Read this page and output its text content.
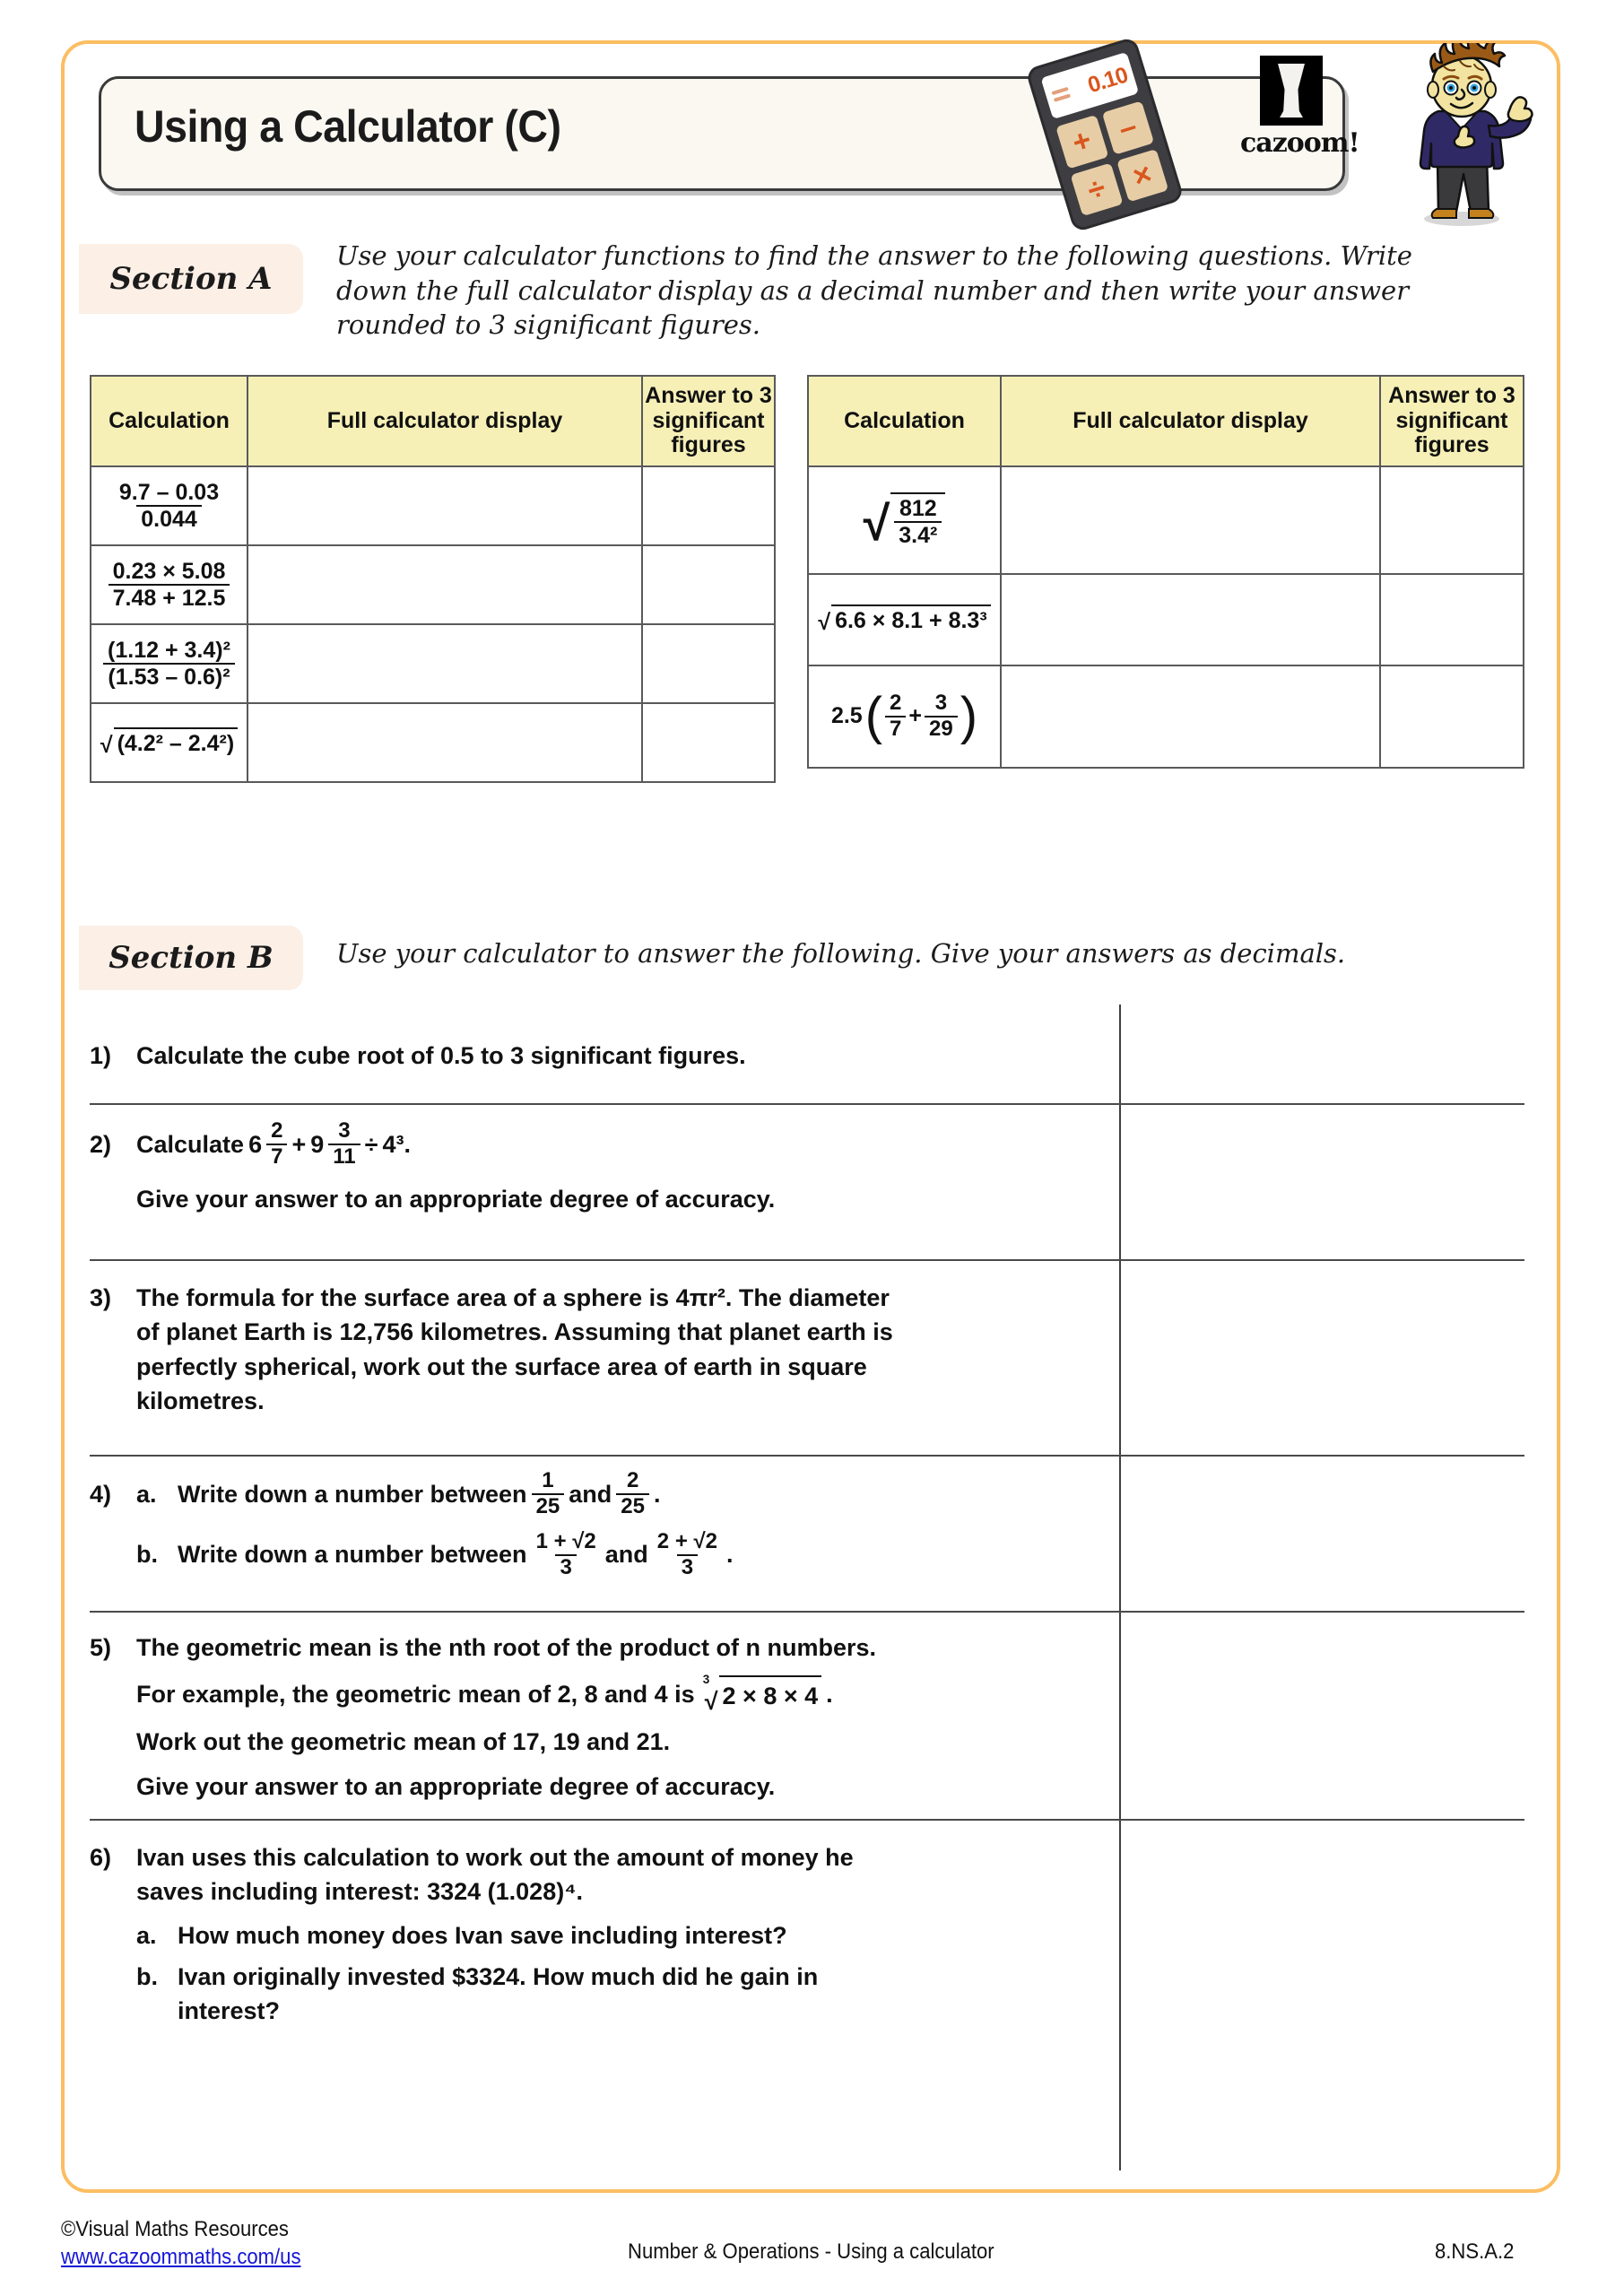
Using a Calculator (C)
0.10
+ –
÷ ×
cazoom!
Section A
Use your calculator functions to find the answer to the following questions. Write down the full calculator display as a decimal number and then write your answer rounded to 3 significant figures.
Calculation	Full calculator display	Answer to 3 significant figures

$\frac{9.7 - 0.03}{0.044}$

$\frac{0.23 \times 5.08}{7.48 + 12.5}$

$\frac{\text{(1.12 + 3.4)²}}{\text{(1.53 – 0.6)²}}$

√ (4.2² – 2.4²)		

Calculation	Full calculator display	Answer to 3 significant figures

√ $\frac{812}{\text{3.4²}}$

√ 6.6 × 8.1 + 8.3³		

2.5 ( $\frac{2}{7} + \frac{3}{29}$ )

Section B	Use your calculator to answer the following. Give your answers as decimals.
1)	Calculate the cube root of 0.5 to 3 significant figures.
2)	Calculate $6 \frac{2}{7} + 9 \frac{3}{11} \div 4^3$.
Give your answer to an appropriate degree of accuracy.
3)	The formula for the surface area of a sphere is 4πr². The diameter
of planet Earth is 12,756 kilometres. Assuming that planet earth is
perfectly spherical, work out the surface area of earth in square
kilometres.
4)	a. Write down a number between $\frac{1}{25}$ and $\frac{2}{25}$ .
b. Write down a number between $\frac{1 + √2}{3}$ and $\frac{2 + √2}{3}$ .
5)	The geometric mean is the nth root of the product of n numbers.
For example, the geometric mean of 2, 8 and 4 is
3
√ 2 × 8 × 4 .
Work out the geometric mean of 17, 19 and 21.
Give your answer to an appropriate degree of accuracy.
6)	Ivan uses this calculation to work out the amount of money he
saves including interest: 3324 (1.028)⁴.
a. How much money does Ivan save including interest?
b. Ivan originally invested $3324. How much did he gain in
interest?
©Visual Maths Resources
www.cazoommaths.com/us	Number & Operations - Using a calculator	8.NS.A.2
